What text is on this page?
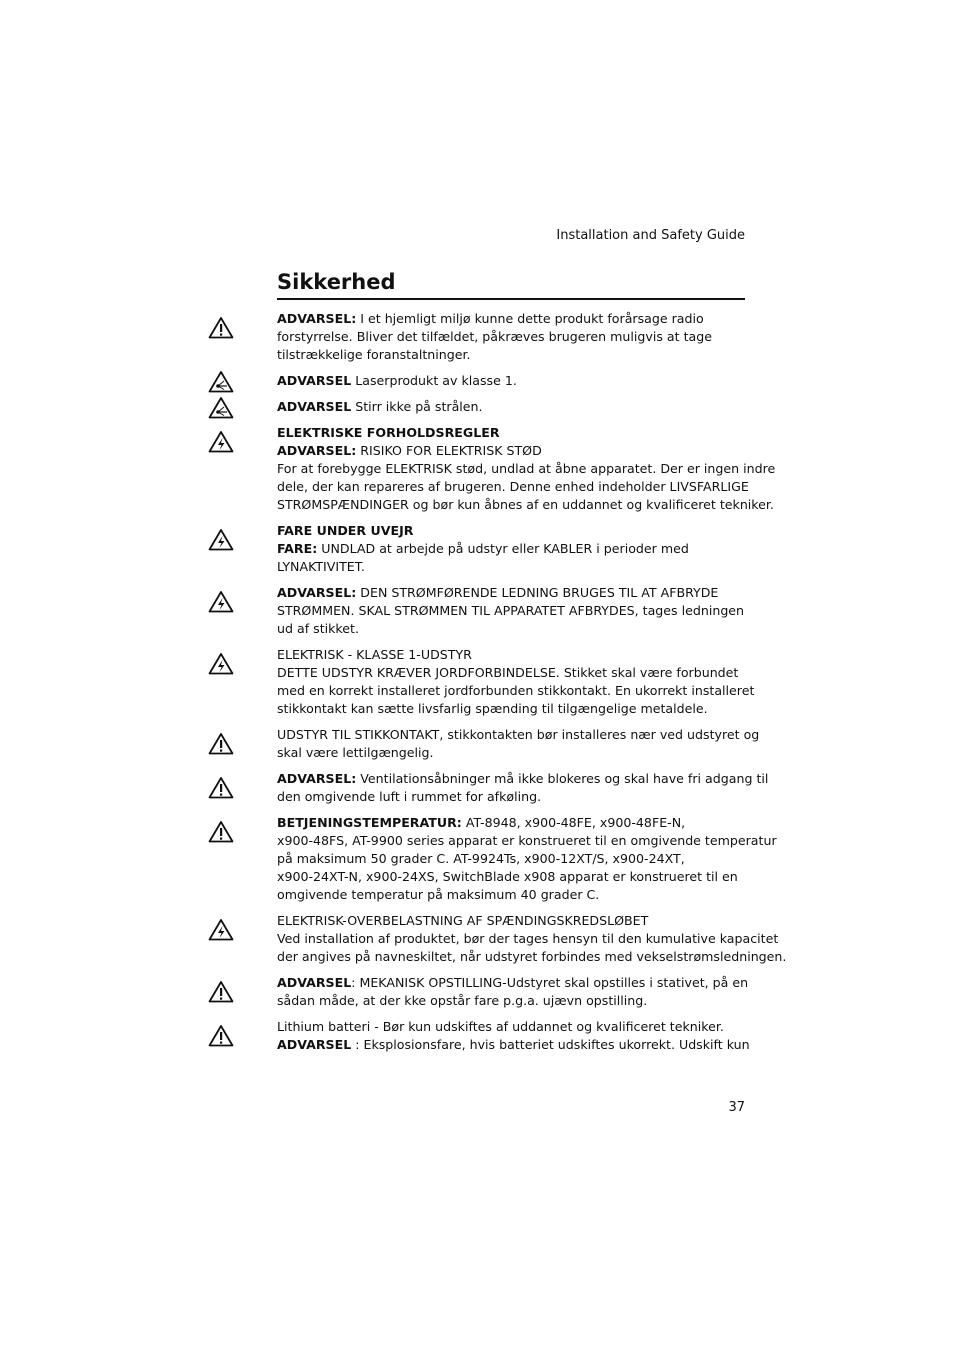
Installation and Safety Guide
Sikkerhed
ADVARSEL: I et hjemligt miljø kunne dette produkt forårsage radio
forstyrrelse. Bliver det tilfældet, påkræves brugeren muligvis at tage
tilstrækkelige foranstaltninger.
ADVARSEL Laserprodukt av klasse 1.
ADVARSEL Stirr ikke på strålen.
ELEKTRISKE FORHOLDSREGLER
ADVARSEL: RISIKO FOR ELEKTRISK STØD
For at forebygge ELEKTRISK stød, undlad at åbne apparatet. Der er ingen indre
dele, der kan repareres af brugeren. Denne enhed indeholder LIVSFARLIGE
STRØMSPÆNDINGER og bør kun åbnes af en uddannet og kvalificeret tekniker.
FARE UNDER UVEJR
FARE: UNDLAD at arbejde på udstyr eller KABLER i perioder med
LYNAKTIVITET.
ADVARSEL: DEN STRØMFØRENDE LEDNING BRUGES TIL AT AFBRYDE
STRØMMEN. SKAL STRØMMEN TIL APPARATET AFBRYDES, tages ledningen
ud af stikket.
ELEKTRISK - KLASSE 1-UDSTYR
DETTE UDSTYR KRÆVER JORDFORBINDELSE. Stikket skal være forbundet
med en korrekt installeret jordforbunden stikkontakt. En ukorrekt installeret
stikkontakt kan sætte livsfarlig spænding til tilgængelige metaldele.
UDSTYR TIL STIKKONTAKT, stikkontakten bør installeres nær ved udstyret og
skal være lettilgængelig.
ADVARSEL: Ventilationsåbninger må ikke blokeres og skal have fri adgang til
den omgivende luft i rummet for afkøling.
BETJENINGSTEMPERATUR: AT-8948, x900-48FE, x900-48FE-N,
x900-48FS, AT-9900 series apparat er konstrueret til en omgivende temperatur
på maksimum 50 grader C. AT-9924Ts, x900-12XT/S, x900-24XT,
x900-24XT-N, x900-24XS, SwitchBlade x908 apparat er konstrueret til en
omgivende temperatur på maksimum 40 grader C.
ELEKTRISK-OVERBELASTNING AF SPÆNDINGSKREDSLØBET
Ved installation af produktet, bør der tages hensyn til den kumulative kapacitet
der angives på navneskiltet, når udstyret forbindes med vekselstrømsledningen.
ADVARSEL: MEKANISK OPSTILLING-Udstyret skal opstilles i stativet, på en
sådan måde, at der kke opstår fare p.g.a. ujævn opstilling.
Lithium batteri - Bør kun udskiftes af uddannet og kvalificeret tekniker.
ADVARSEL : Eksplosionsfare, hvis batteriet udskiftes ukorrekt. Udskift kun
37
